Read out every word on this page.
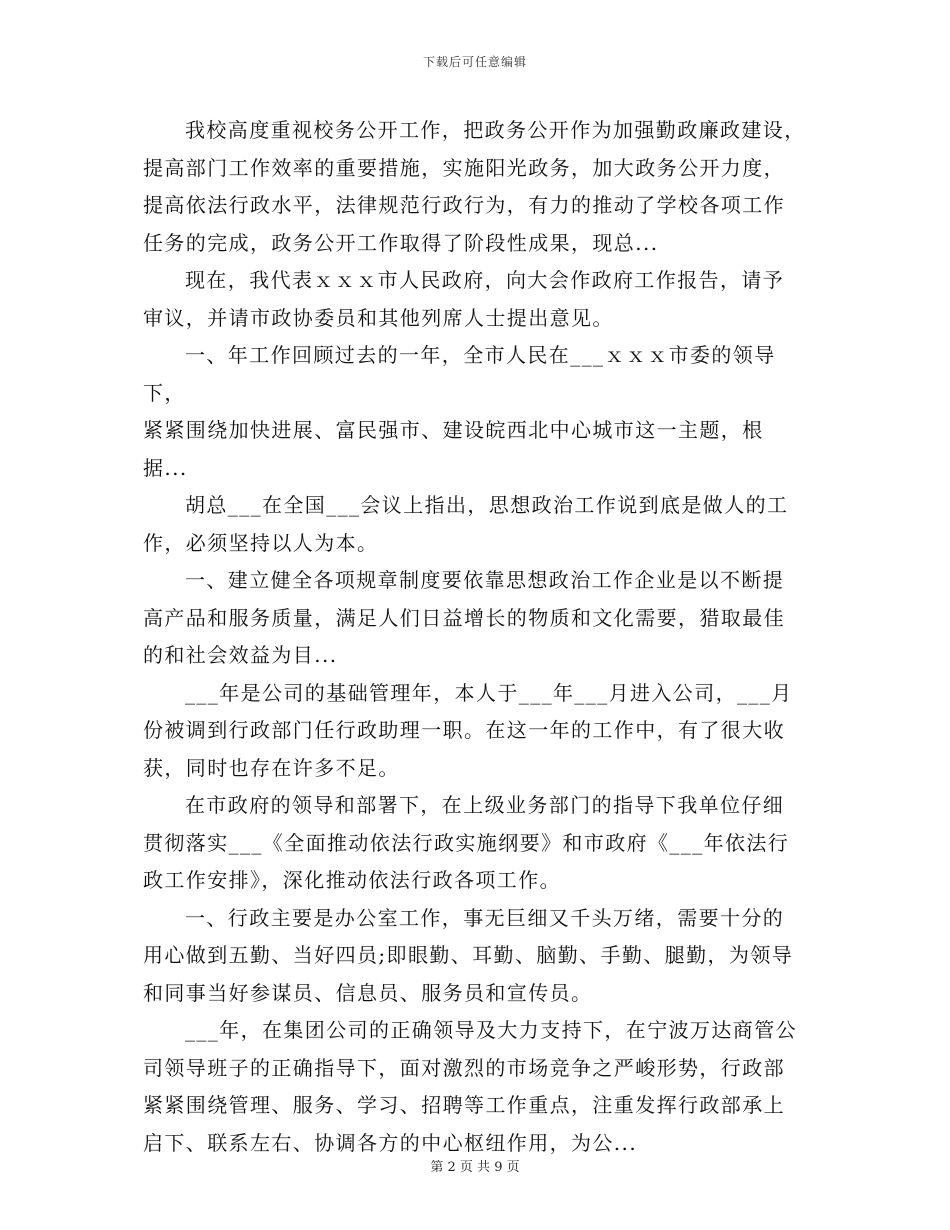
下载后可任意编辑

我校高度重视校务公开工作，把政务公开作为加强勤政廉政建设，
提高部门工作效率的重要措施，实施阳光政务，加大政务公开力度，
提高依法行政水平，法律规范行政行为，有力的推动了学校各项工作
任务的完成，政务公开工作取得了阶段性成果，现总...

现在，我代表ｘｘｘ市人民政府，向大会作政府工作报告，请予
审议，并请市政协委员和其他列席人士提出意见。

一、年工作回顾过去的一年，全市人民在___ｘｘｘ市委的领导下，
紧紧围绕加快进展、富民强市、建设皖西北中心城市这一主题，根
据...

胡总___在全国___会议上指出，思想政治工作说到底是做人的工
作，必须坚持以人为本。

一、建立健全各项规章制度要依靠思想政治工作企业是以不断提
高产品和服务质量，满足人们日益增长的物质和文化需要，猎取最佳
的和社会效益为目...

___年是公司的基础管理年，本人于___年___月进入公司，___月
份被调到行政部门任行政助理一职。在这一年的工作中，有了很大收
获，同时也存在许多不足。

在市政府的领导和部署下，在上级业务部门的指导下我单位仔细
贯彻落实___《全面推动依法行政实施纲要》和市政府《___年依法行
政工作安排》，深化推动依法行政各项工作。

一、行政主要是办公室工作，事无巨细又千头万绪，需要十分的
用心做到五勤、当好四员;即眼勤、耳勤、脑勤、手勤、腿勤，为领导
和同事当好参谋员、信息员、服务员和宣传员。

___年，在集团公司的正确领导及大力支持下，在宁波万达商管公
司领导班子的正确指导下，面对激烈的市场竞争之严峻形势，行政部
紧紧围绕管理、服务、学习、招聘等工作重点，注重发挥行政部承上
启下、联系左右、协调各方的中心枢纽作用，为公...

第 2 页 共 9 页
